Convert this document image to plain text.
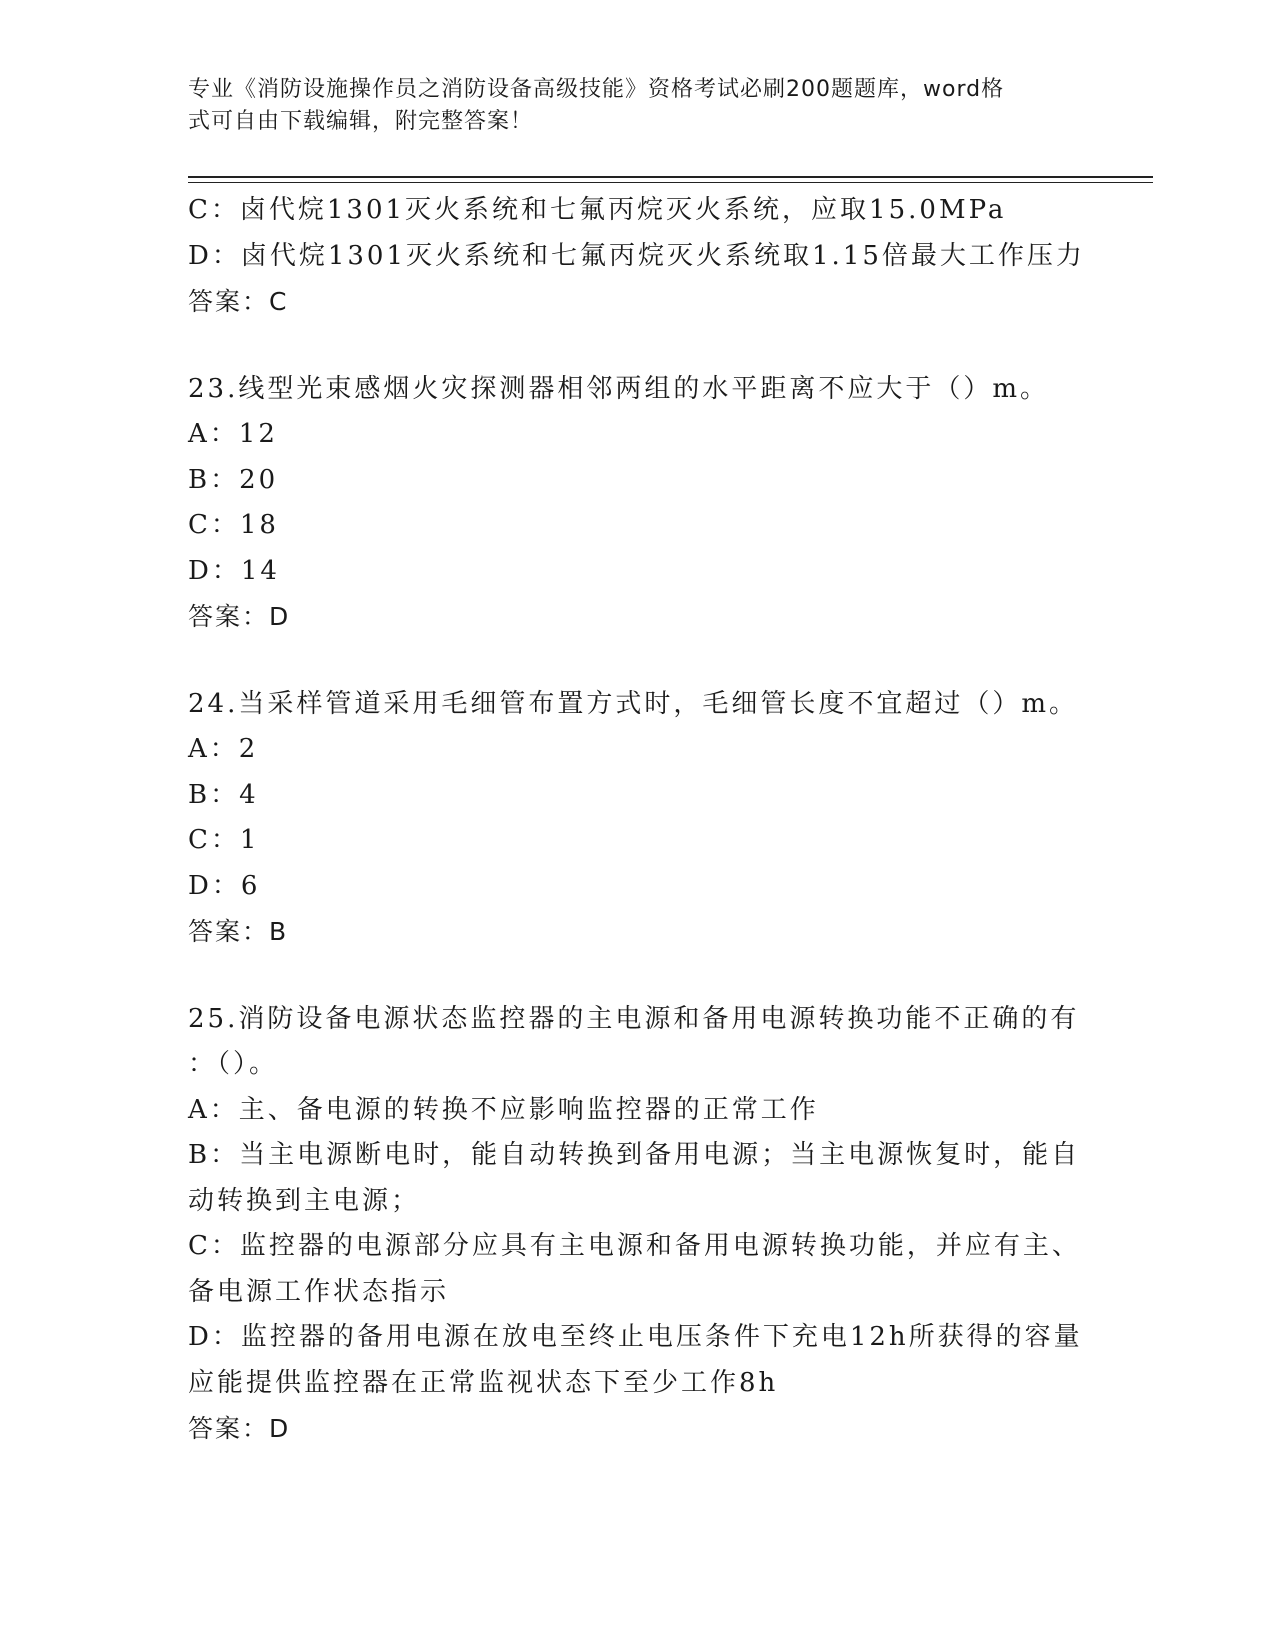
专业《消防设施操作员之消防设备高级技能》资格考试必刷200题题库，word格
式可自由下载编辑，附完整答案！
C：卤代烷1301灭火系统和七氟丙烷灭火系统，应取15.0MPa
D：卤代烷1301灭火系统和七氟丙烷灭火系统取1.15倍最大工作压力
答案：C
23.线型光束感烟火灾探测器相邻两组的水平距离不应大于（）m。
A：12
B：20
C：18
D：14
答案：D
24.当采样管道采用毛细管布置方式时，毛细管长度不宜超过（）m。
A：2
B：4
C：1
D：6
答案：B
25.消防设备电源状态监控器的主电源和备用电源转换功能不正确的有
：（）。
A：主、备电源的转换不应影响监控器的正常工作
B：当主电源断电时，能自动转换到备用电源；当主电源恢复时，能自
动转换到主电源；
C：监控器的电源部分应具有主电源和备用电源转换功能，并应有主、
备电源工作状态指示
D：监控器的备用电源在放电至终止电压条件下充电12h所获得的容量
应能提供监控器在正常监视状态下至少工作8h
答案：D
